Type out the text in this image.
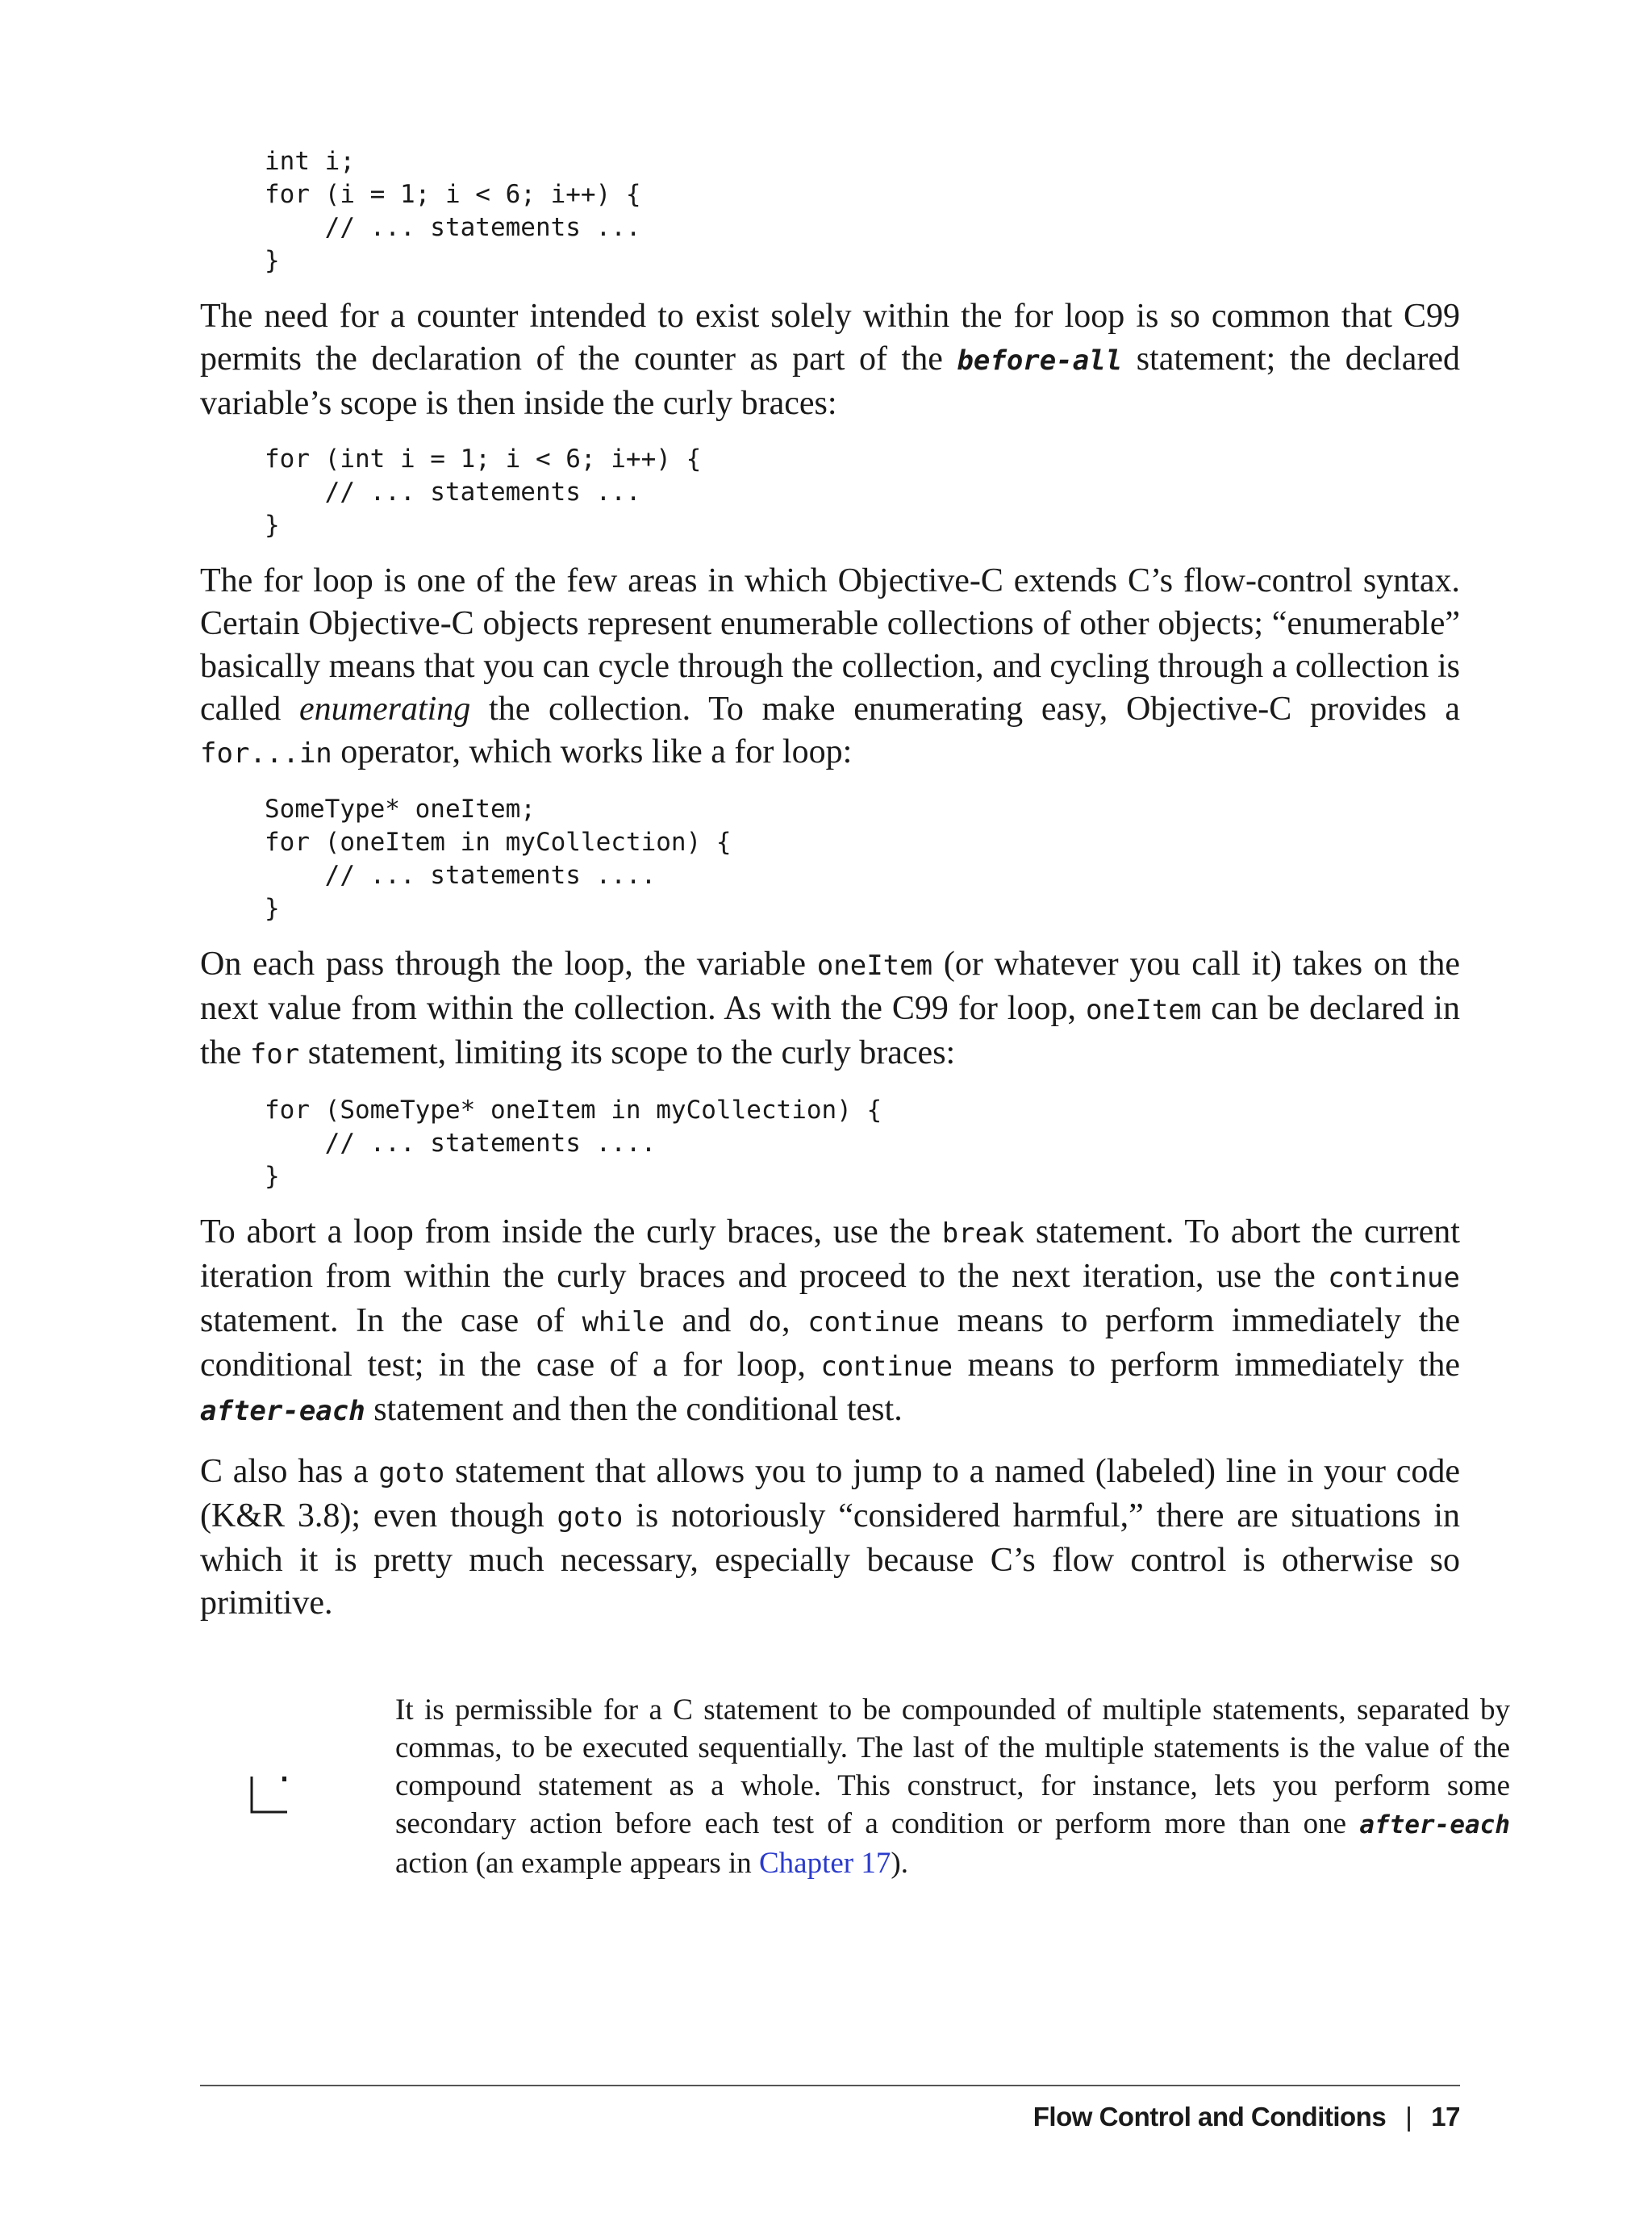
int i;
for (i = 1; i < 6; i++) {
// ... statements ...
}

The need for a counter intended to exist solely within the for loop is so common that C99 permits the declaration of the counter as part of the before-all statement; the declared variable’s scope is then inside the curly braces:

for (int i = 1; i < 6; i++) {
// ... statements ...
}

The for loop is one of the few areas in which Objective-C extends C’s flow-control syntax. Certain Objective-C objects represent enumerable collections of other objects; “enumerable” basically means that you can cycle through the collection, and cycling through a collection is called enumerating the collection. To make enumerating easy, Objective-C provides a for...in operator, which works like a for loop:

SomeType* oneItem;
for (oneItem in myCollection) {
// ... statements ....
}

On each pass through the loop, the variable oneItem (or whatever you call it) takes on the next value from within the collection. As with the C99 for loop, oneItem can be declared in the for statement, limiting its scope to the curly braces:

for (SomeType* oneItem in myCollection) {
// ... statements ....
}

To abort a loop from inside the curly braces, use the break statement. To abort the current iteration from within the curly braces and proceed to the next iteration, use the continue statement. In the case of while and do, continue means to perform immediately the conditional test; in the case of a for loop, continue means to perform immediately the after-each statement and then the conditional test.

C also has a goto statement that allows you to jump to a named (labeled) line in your code (K&R 3.8); even though goto is notoriously “considered harmful,” there are situations in which it is pretty much necessary, especially because C’s flow control is otherwise so primitive.

It is permissible for a C statement to be compounded of multiple statements, separated by commas, to be executed sequentially. The last of the multiple statements is the value of the compound statement as a whole. This construct, for instance, lets you perform some secondary action before each test of a condition or perform more than one after-each action (an example appears in Chapter 17).
Flow Control and Conditions | 17
